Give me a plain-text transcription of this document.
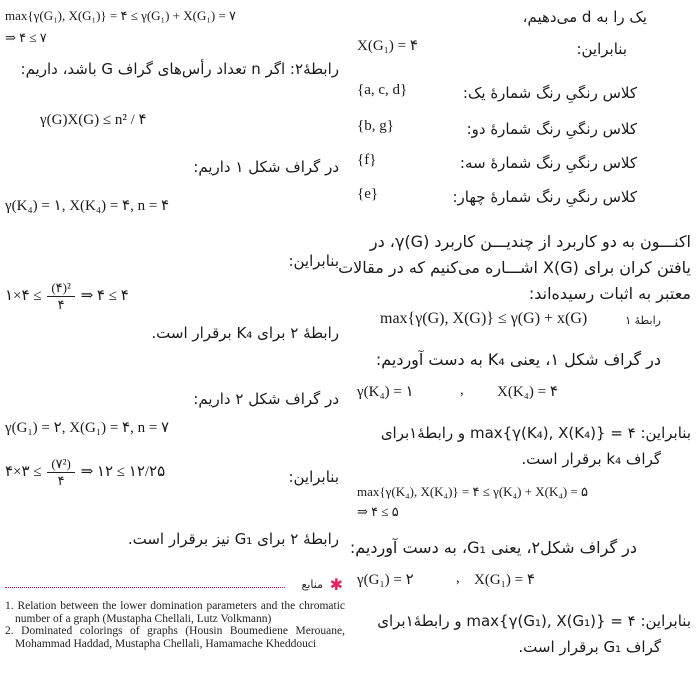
max{γ(G₁), X(G₁)} = ۴ ≤ γ(G₁) + X(G₁) = ۷
⇒ ۴ ≤ ۷
رابطهٔ۲: اگر n تعداد رأس‌های گراف G باشد، داریم:
γ(G)X(G) ≤ n² / ۴
در گراف شکل ۱ داریم:
γ(K₄) = ۱, X(K₄) = ۴, n = ۴
بنابراین:
۱×۴ ≤ $\frac{\text{(۴)²}}{۴}$ ⇒ ۴ ≤ ۴
رابطهٔ ۲ برای K₄ برقرار است.
در گراف شکل ۲ داریم:
γ(G₁) = ۲, X(G₁) = ۴, n = ۷
بنابراین:
۴×۳ ≤ $\frac{\text{(۷²)}}{۴}$ ⇒ ۱۲ ≤ ۱۲/۲۵
رابطهٔ ۲ برای G₁ نیز برقرار است.
منابع ✱
1. Relation between the lower domination parameters and the chromatic number of a graph (Mustapha Chellali, Lutz Volkmann)
2. Dominated colorings of graphs (Housin Boumediene Merouane, Mohammad Haddad, Mustapha Chellali, Hamamache Kheddouci
یک را به d می‌دهیم،
X(G₁) = ۴	بنابراین:
{a, c, d}	کلاس رنگیِ رنگ شمارهٔ یک:
{b, g}	کلاس رنگیِ رنگ شمارهٔ دو:
{f}	کلاس رنگیِ رنگ شمارهٔ سه:
{e}	کلاس رنگیِ رنگ شمارهٔ چهار:
اکنـــون به دو کاربرد از چندیـــن کاربرد γ(G)، در
یافتن کران برای X(G) اشـــاره می‌کنیم که در مقالات
معتبر به اثبات رسیده‌اند:
max{γ(G), X(G)} ≤ γ(G) + x(G)	رابطهٔ ۱
در گراف شکل ۱، یعنی K₄ به دست آوردیم:
γ(K₄) = ۱	, X(K₄) = ۴
بنابراین: max{γ(K₄), X(K₄)} = ۴ و رابطهٔ۱برای
گراف k₄ برقرار است.
max{γ(K₄), X(K₄)} = ۴ ≤ γ(K₄) + X(K₄) = ۵
⇒ ۴ ≤ ۵
در گراف شکل۲، یعنی G₁، به دست آوردیم:
γ(G₁) = ۲	, X(G₁) = ۴
بنابراین: max{γ(G₁), X(G₁)} = ۴ و رابطهٔ۱برای
گراف G₁ برقرار است.
